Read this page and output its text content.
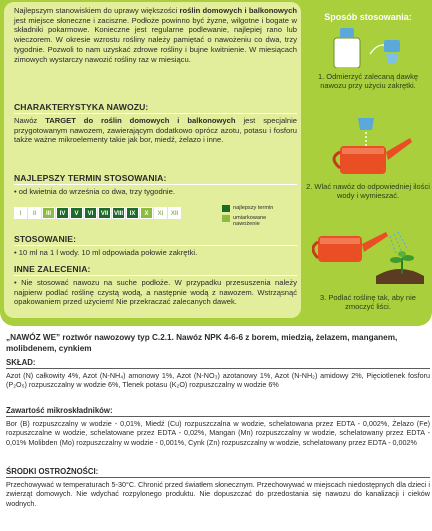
Najlepszym stanowiskiem do uprawy większości roślin domowych i balkonowych jest miejsce słoneczne i zaciszne. Podłoże powinno być żyzne, wilgotne i bogate w składniki pokarmowe. Konieczne jest regularne podlewanie, najlepiej rano lub wieczorem. W okresie wzrostu rośliny należy pamiętać o nawożeniu co dwa, trzy tygodnie. Pozwoli to nam uzyskać zdrowe rośliny i bujne kwitnienie. W miesiącach zimowych wystarczy nawozić rośliny raz w miesiącu.

CHARAKTERYSTYKA NAWOZU:

Nawóz TARGET do roślin domowych i balkonowych jest specjalnie przygotowanym nawozem, zawierającym dodatkowo oprócz azotu, potasu i fosforu także ważne mikroelementy takie jak bor, miedź, żelazo i inne.

NAJLEPSZY TERMIN STOSOWANIA:

• od kwietnia do września co dwa, trzy tygodnie.

I	II	III	IV	V	VI	VII VIII	IX	X	XI	XII
najlepszy termin
umiarkowane nawożenie
STOSOWANIE:

• 10 ml na 1 l wody. 10 ml odpowiada połowie zakrętki.

INNE ZALECENIA:

• Nie stosować nawozu na suche podłoże. W przypadku przesuszenia należy najpierw podlać roślinę czystą wodą, a następnie wodą z nawozem. Wstrząsnąć opakowaniem przed użyciem! Nie przekraczać zalecanych dawek.

Sposób stosowania:
1. Odmierzyć zalecaną dawkę nawozu przy użyciu zakrętki.
2. Wlać nawóz do odpowiedniej ilości wody i wymieszać.
3. Podlać roślinę tak, aby nie zmoczyć liści.
„NAWÓZ WE” roztwór nawozowy typ C.2.1. Nawóz NPK 4-6-6 z borem, miedzią, żelazem, manganem, molibdenem, cynkiem
SKŁAD:

Azot (N) całkowity 4%, Azot (N-NH₄) amonowy 1%, Azot (N-NO₃) azotanowy 1%, Azot (N-NH₂) amidowy 2%, Pięciotlenek fosforu (P₂O₅) rozpuszczalny w wodzie 6%, Tlenek potasu (K₂O) rozpuszczalny w wodzie 6%

Zawartość mikroskładników:

Bor (B) rozpuszczalny w wodzie - 0,01%, Miedź (Cu) rozpuszczalna w wodzie, schelatowana przez EDTA - 0,002%, Żelazo (Fe) rozpuszczalne w wodzie, schelatowane przez EDTA - 0,02%, Mangan (Mn) rozpuszczalny w wodzie, schelatowany przez EDTA - 0,01% Molibden (Mo) rozpuszczalny w wodzie - 0,001%, Cynk (Zn) rozpuszczalny w wodzie, schelatowany przez EDTA - 0,002%

ŚRODKI OSTROŻNOŚCI:

Przechowywać w temperaturach 5-30°C. Chronić przed światłem słonecznym. Przechowywać w miejscach niedostępnych dla dzieci i zwierząt domowych. Nie wdychać rozpylonego produktu. Nie dopuszczać do przedostania się nawozu do kanalizacji i cieków wodnych.
